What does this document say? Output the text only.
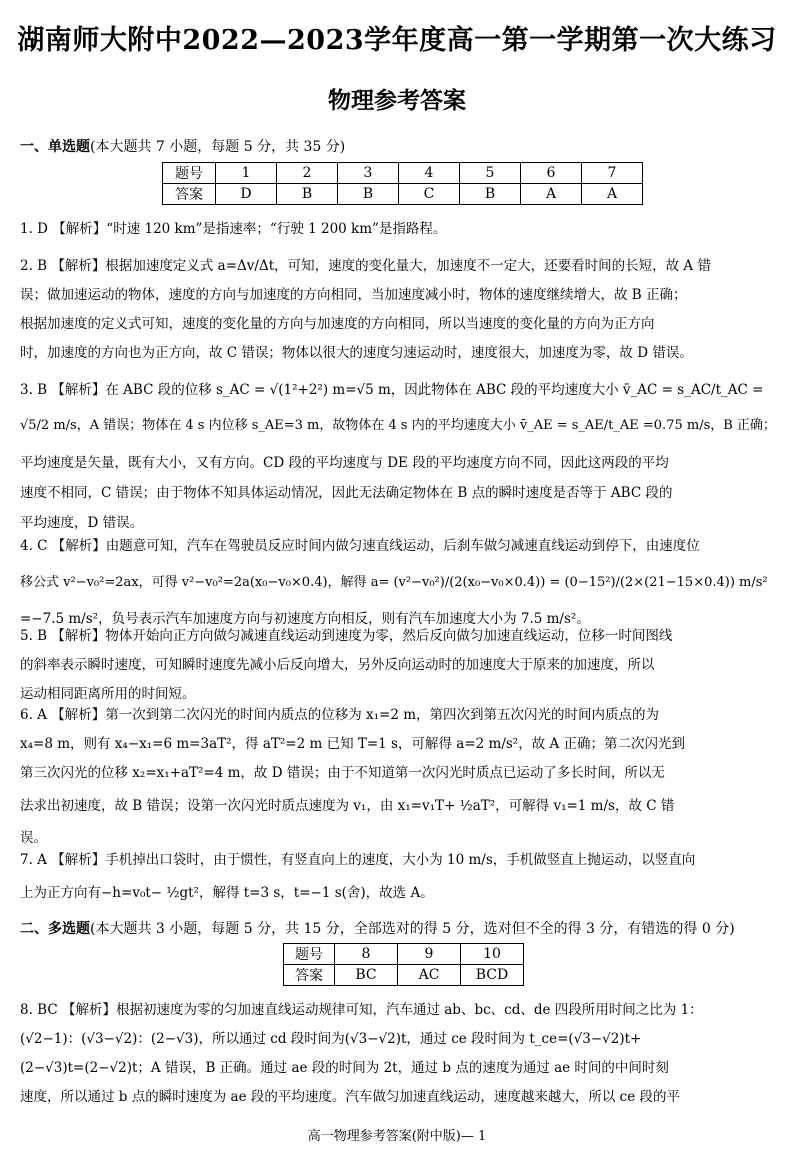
湖南师大附中2022—2023学年度高一第一学期第一次大练习
物理参考答案
一、单选题(本大题共 7 小题，每题 5 分，共 35 分)
题号	1	2	3	4	5	6	7
答案	D	B	B	C	B	A	A
1. D 【解析】“时速 120 km”是指速率；“行驶 1 200 km”是指路程。
2. B 【解析】根据加速度定义式 a=Δv/Δt，可知，速度的变化量大，加速度不一定大，还要看时间的长短，故 A 错
误；做加速运动的物体，速度的方向与加速度的方向相同，当加速度减小时，物体的速度继续增大，故 B 正确；
根据加速度的定义式可知，速度的变化量的方向与加速度的方向相同，所以当速度的变化量的方向为正方向
时，加速度的方向也为正方向，故 C 错误；物体以很大的速度匀速运动时，速度很大，加速度为零，故 D 错误。
3. B 【解析】在 ABC 段的位移 s_AC = √(1²+2²) m=√5 m，因此物体在 ABC 段的平均速度大小 v̄_AC = s_AC/t_AC =
√5/2 m/s，A 错误；物体在 4 s 内位移 s_AE=3 m，故物体在 4 s 内的平均速度大小 v̄_AE = s_AE/t_AE =0.75 m/s，B 正确；
平均速度是矢量，既有大小，又有方向。CD 段的平均速度与 DE 段的平均速度方向不同，因此这两段的平均
速度不相同，C 错误；由于物体不知具体运动情况，因此无法确定物体在 B 点的瞬时速度是否等于 ABC 段的
平均速度，D 错误。
4. C 【解析】由题意可知，汽车在驾驶员反应时间内做匀速直线运动，后刹车做匀减速直线运动到停下，由速度位
移公式 v²−v₀²=2ax，可得 v²−v₀²=2a(x₀−v₀×0.4)，解得 a= (v²−v₀²)/(2(x₀−v₀×0.4)) = (0−15²)/(2×(21−15×0.4)) m/s²
=−7.5 m/s²，负号表示汽车加速度方向与初速度方向相反，则有汽车加速度大小为 7.5 m/s²。
5. B 【解析】物体开始向正方向做匀减速直线运动到速度为零，然后反向做匀加速直线运动，位移一时间图线
的斜率表示瞬时速度，可知瞬时速度先减小后反向增大，另外反向运动时的加速度大于原来的加速度，所以
运动相同距离所用的时间短。
6. A 【解析】第一次到第二次闪光的时间内质点的位移为 x₁=2 m，第四次到第五次闪光的时间内质点的为
x₄=8 m，则有 x₄−x₁=6 m=3aT²，得 aT²=2 m 已知 T=1 s，可解得 a=2 m/s²，故 A 正确；第二次闪光到
第三次闪光的位移 x₂=x₁+aT²=4 m，故 D 错误；由于不知道第一次闪光时质点已运动了多长时间，所以无
法求出初速度，故 B 错误；设第一次闪光时质点速度为 v₁，由 x₁=v₁T+ ½aT²，可解得 v₁=1 m/s，故 C 错
误。
7. A 【解析】手机掉出口袋时，由于惯性，有竖直向上的速度，大小为 10 m/s，手机做竖直上抛运动，以竖直向
上为正方向有−h=v₀t− ½gt²，解得 t=3 s，t=−1 s(舍)，故选 A。
二、多选题(本大题共 3 小题，每题 5 分，共 15 分，全部选对的得 5 分，选对但不全的得 3 分，有错选的得 0 分)
题号	8	9	10
答案	BC	AC	BCD
8. BC 【解析】根据初速度为零的匀加速直线运动规律可知，汽车通过 ab、bc、cd、de 四段所用时间之比为 1：
(√2−1)：(√3−√2)：(2−√3)，所以通过 cd 段时间为(√3−√2)t，通过 ce 段时间为 t_ce=(√3−√2)t+
(2−√3)t=(2−√2)t；A 错误，B 正确。通过 ae 段的时间为 2t，通过 b 点的速度为通过 ae 时间的中间时刻
速度，所以通过 b 点的瞬时速度为 ae 段的平均速度。汽车做匀加速直线运动，速度越来越大，所以 ce 段的平
高一物理参考答案(附中版)— 1
